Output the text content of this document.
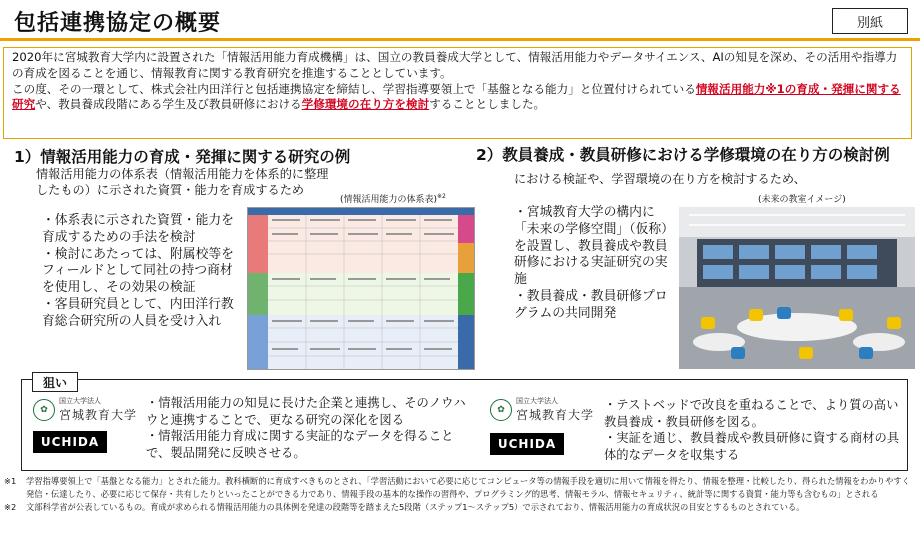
包括連携協定の概要	別紙
2020年に宮城教育大学内に設置された「情報活用能力育成機構」は、国立の教員養成大学として、情報活用能力やデータサイエンス、AIの知見を深め、その活用や指導力の育成を図ることを通じ、情報教育に関する教育研究を推進することとしています。
この度、その一環として、株式会社内田洋行と包括連携協定を締結し、学習指導要領上で「基盤となる能力」と位置付けられている情報活用能力※1の育成・発揮に関する研究や、教員養成段階にある学生及び教員研修における学修環境の在り方を検討することとしました。
1）情報活用能力の育成・発揮に関する研究の例
情報活用能力の体系表（情報活用能力を体系的に整理したもの）に示された資質・能力を育成するため

・体系表に示された資質・能力を育成するための手法を検討

・検討にあたっては、附属校等をフィールドとして同社の持つ商材を使用し、その効果の検証

・客員研究員として、内田洋行教育総合研究所の人員を受け入れ

(情報活用能力の体系表)$^{※2}$
2）教員養成・教員研修における学修環境の在り方の検討例
における検証や、学習環境の在り方を検討するため、

・宮城教育大学の構内に「未来の学修空間」（仮称）を設置し、教員養成や教員研修における実証研究の実施

・教員養成・教員研修プログラムの共同開発

(未来の教室イメージ)
狙い
✿
国立大学法人
宮城教育大学
UCHIDA

・情報活用能力の知見に長けた企業と連携し、そのノウハウと連携することで、更なる研究の深化を図る

・情報活用能力育成に関する実証的なデータを得ることで、製品開発に反映させる。

✿
国立大学法人
宮城教育大学
UCHIDA

・テストベッドで改良を重ねることで、より質の高い教員養成・教員研修を図る。

・実証を通じ、教員養成や教員研修に資する商材の具体的なデータを収集する

※1	学習指導要領上で「基盤となる能力」とされた能力。教科横断的に育成すべきものとされ、「学習活動において必要に応じてコンピュータ等の情報手段を適切に用いて情報を得たり、情報を整理・比較したり、得られた情報をわかりやすく発信・伝達したり、必要に応じて保存・共有したりといったことができる力であり、情報手段の基本的な操作の習得や、プログラミング的思考、情報モラル、情報セキュリティ、統計等に関する資質・能力等も含むもの」とされる
※2	文部科学省が公表しているもの。育成が求められる情報活用能力の具体例を発達の段階等を踏まえた5段階（ステップ1〜ステップ5）で示されており、情報活用能力の育成状況の目安とするものとされている。
